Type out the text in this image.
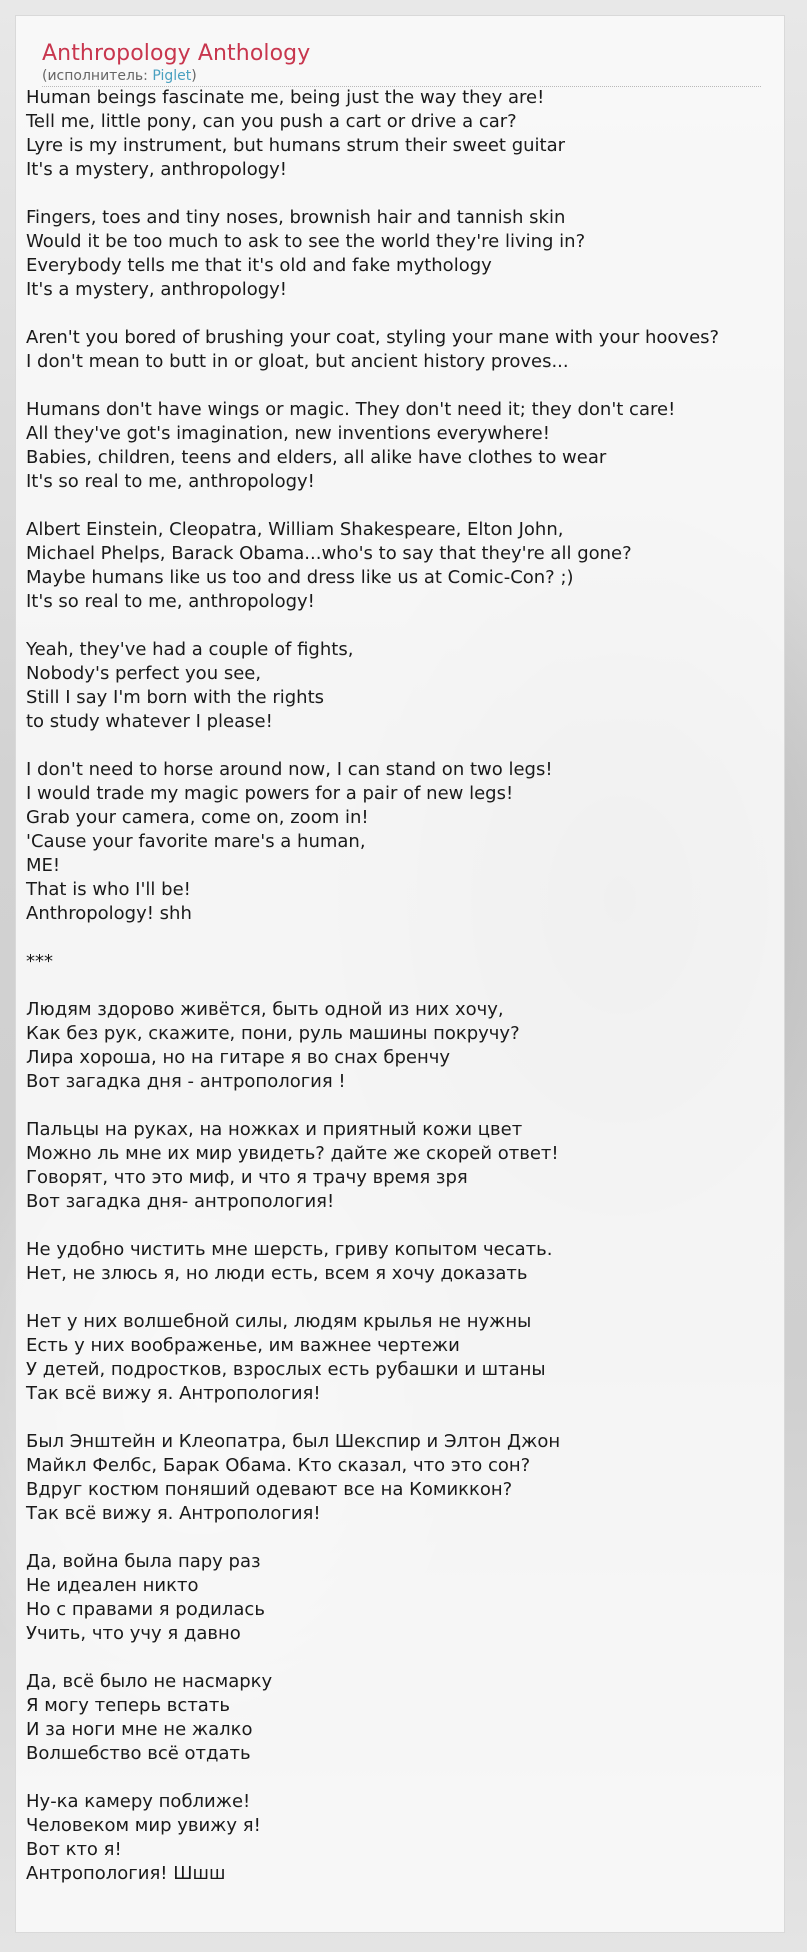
Anthropology Anthology
(исполнитель: Piglet)
Human beings fascinate me, being just the way they are!
Tell me, little pony, can you push a cart or drive a car?
Lyre is my instrument, but humans strum their sweet guitar
It's a mystery, anthropology!
Fingers, toes and tiny noses, brownish hair and tannish skin
Would it be too much to ask to see the world they're living in?
Everybody tells me that it's old and fake mythology
It's a mystery, anthropology!
Aren't you bored of brushing your coat, styling your mane with your hooves?
I don't mean to butt in or gloat, but ancient history proves...
Humans don't have wings or magic. They don't need it; they don't care!
All they've got's imagination, new inventions everywhere!
Babies, children, teens and elders, all alike have clothes to wear
It's so real to me, anthropology!
Albert Einstein, Cleopatra, William Shakespeare, Elton John,
Michael Phelps, Barack Obama...who's to say that they're all gone?
Maybe humans like us too and dress like us at Comic-Con? ;)
It's so real to me, anthropology!
Yeah, they've had a couple of fights,
Nobody's perfect you see,
Still I say I'm born with the rights
to study whatever I please!
I don't need to horse around now, I can stand on two legs!
I would trade my magic powers for a pair of new legs!
Grab your camera, come on, zoom in!
'Cause your favorite mare's a human,
ME!
That is who I'll be!
Anthropology! shh
***
Людям здорово живётся, быть одной из них хочу,
Как без рук, скажите, пони, руль машины покручу?
Лира хороша, но на гитаре я во снах бренчу
Вот загадка дня - антропология !
Пальцы на руках, на ножках и приятный кожи цвет
Можно ль мне их мир увидеть? дайте же скорей ответ!
Говорят, что это миф, и что я трачу время зря
Вот загадка дня- антропология!
Не удобно чистить мне шерсть, гриву копытом чесать.
Нет, не злюсь я, но люди есть, всем я хочу доказать
Нет у них волшебной силы, людям крылья не нужны
Есть у них воображенье, им важнее чертежи
У детей, подростков, взрослых есть рубашки и штаны
Так всё вижу я. Антропология!
Был Энштейн и Клеопатра, был Шекспир и Элтон Джон
Майкл Фелбс, Барак Обама. Кто сказал, что это сон?
Вдруг костюм поняший одевают все на Комиккон?
Так всё вижу я. Антропология!
Да, война была пару раз
Не идеален никто
Но с правами я родилась
Учить, что учу я давно
Да, всё было не насмарку
Я могу теперь встать
И за ноги мне не жалко
Волшебство всё отдать
Ну-ка камеру поближе!
Человеком мир увижу я!
Вот кто я!
Антропология! Шшш
